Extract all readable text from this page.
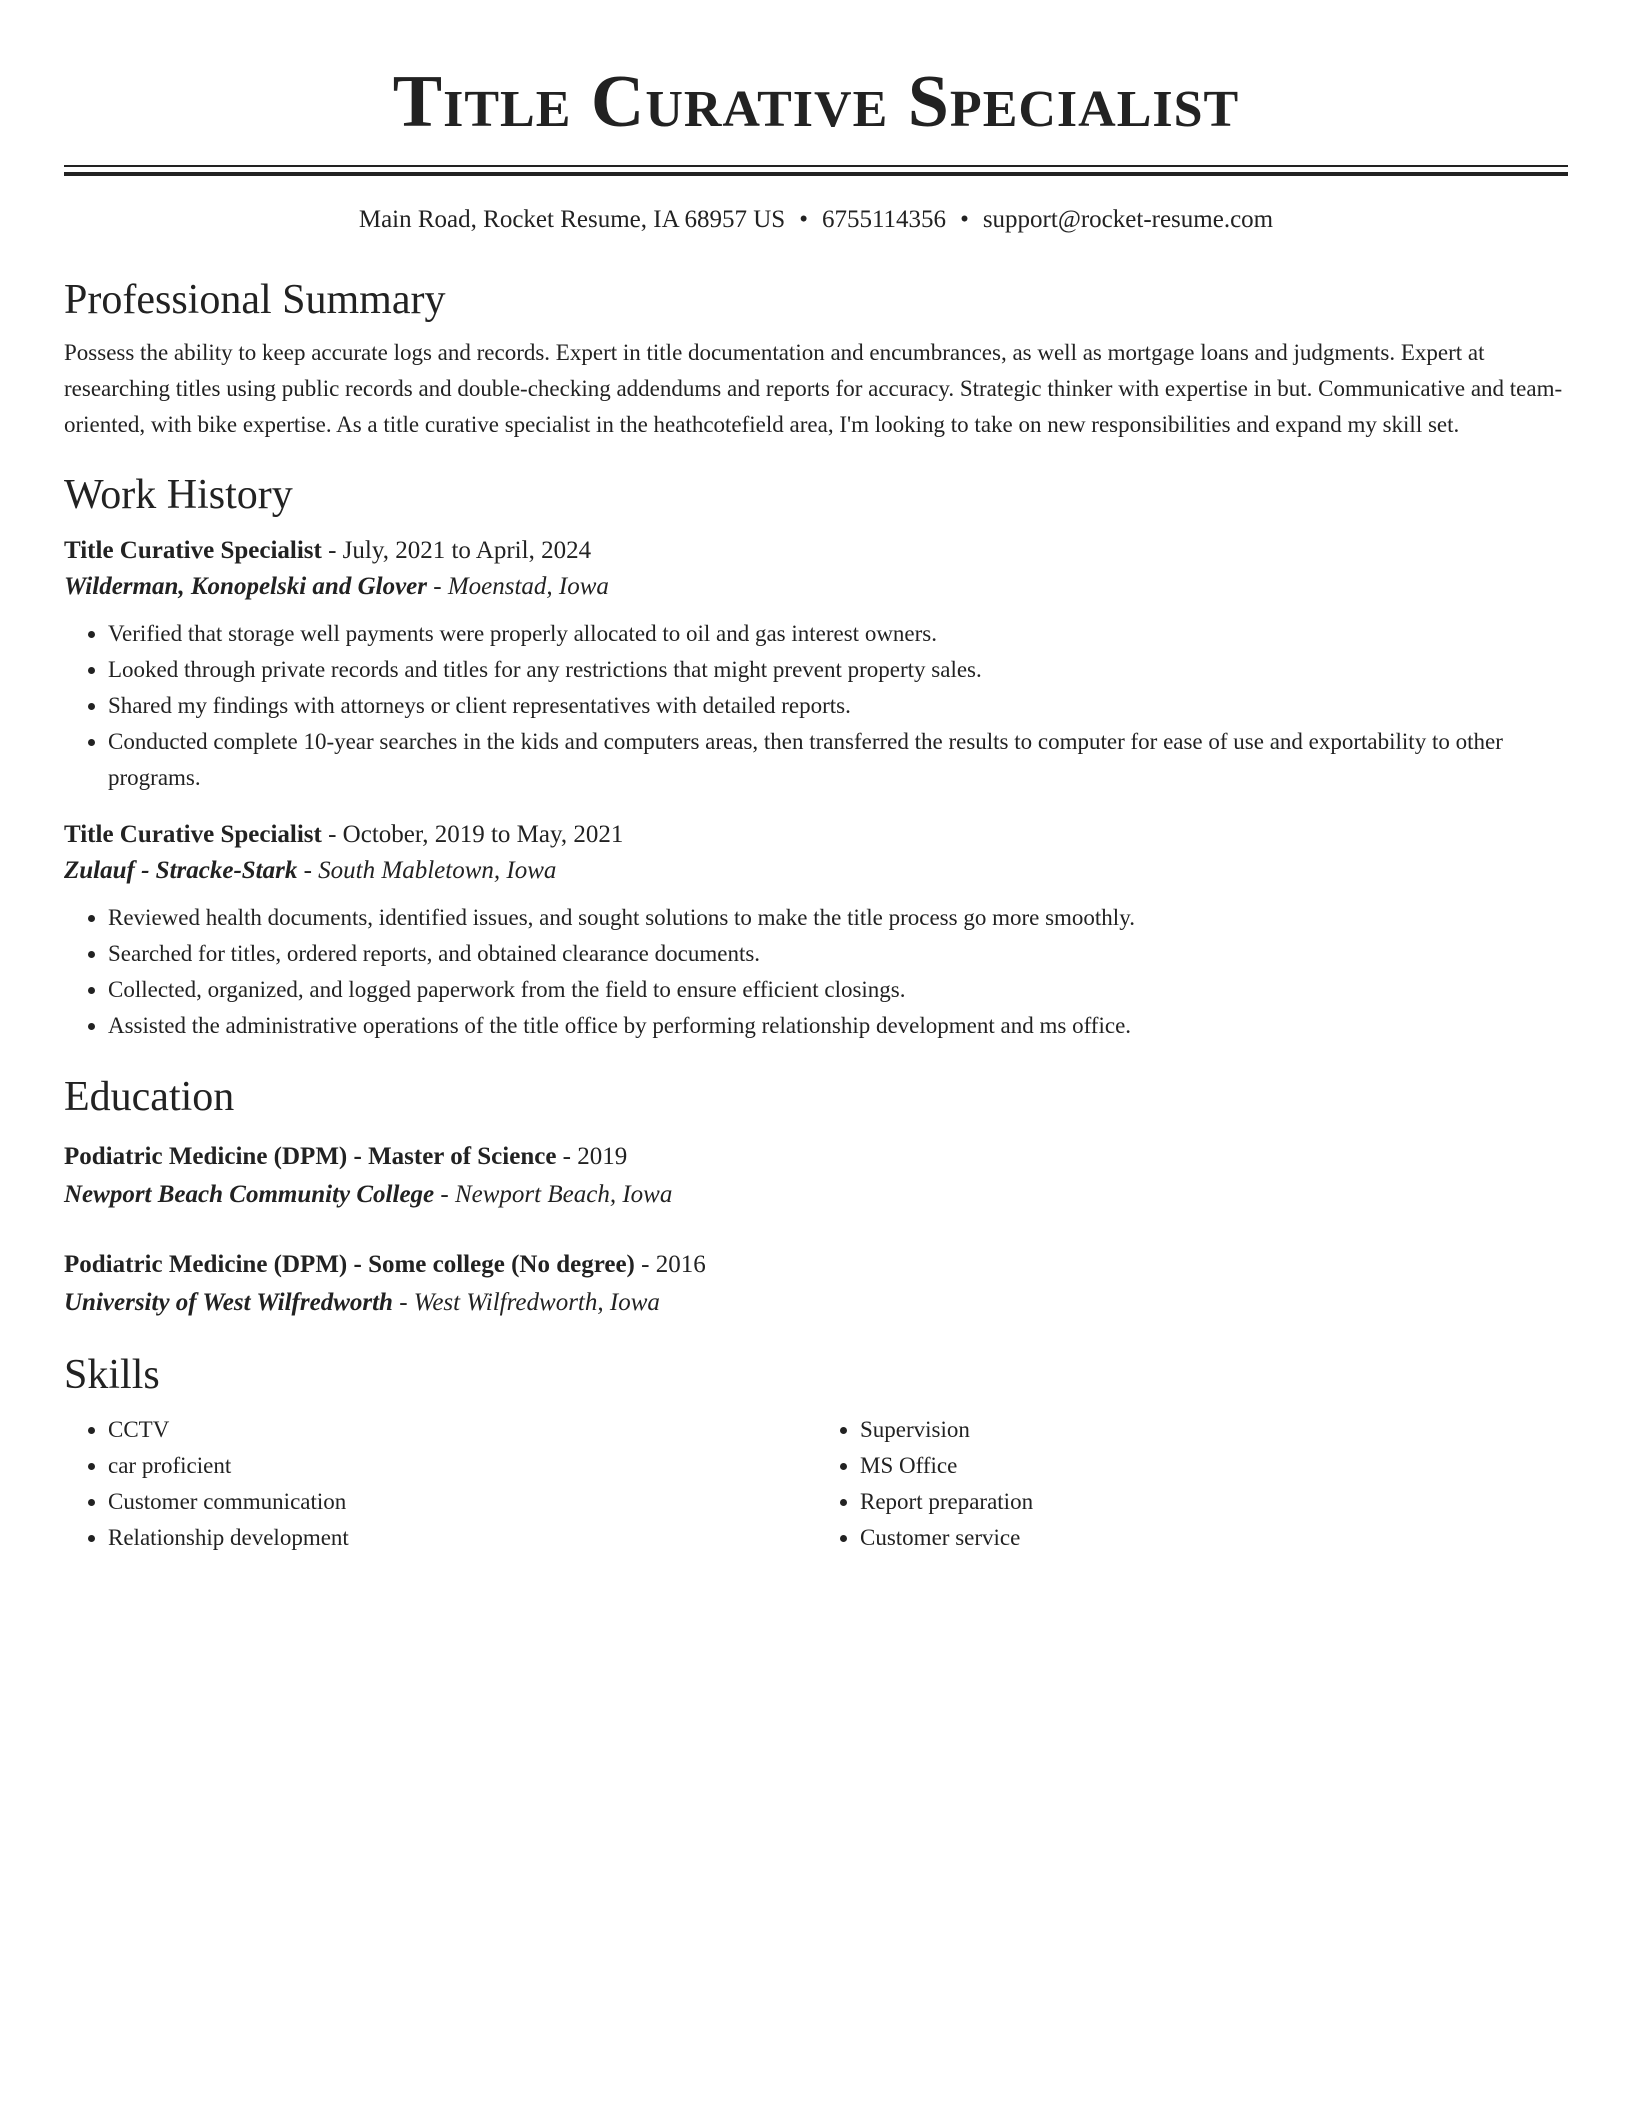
Title Curative Specialist
Main Road, Rocket Resume, IA 68957 US • 6755114356 • support@rocket-resume.com
Professional Summary

Possess the ability to keep accurate logs and records. Expert in title documentation and encumbrances, as well as mortgage loans and judgments. Expert at researching titles using public records and double-checking addendums and reports for accuracy. Strategic thinker with expertise in but. Communicative and team-oriented, with bike expertise. As a title curative specialist in the heathcotefield area, I'm looking to take on new responsibilities and expand my skill set.

Work History
Title Curative Specialist - July, 2021 to April, 2024
Wilderman, Konopelski and Glover - Moenstad, Iowa
• Verified that storage well payments were properly allocated to oil and gas interest owners.
• Looked through private records and titles for any restrictions that might prevent property sales.
• Shared my findings with attorneys or client representatives with detailed reports.
• Conducted complete 10-year searches in the kids and computers areas, then transferred the results to computer for ease of use and exportability to other programs.
Title Curative Specialist - October, 2019 to May, 2021
Zulauf - Stracke-Stark - South Mabletown, Iowa
• Reviewed health documents, identified issues, and sought solutions to make the title process go more smoothly.
• Searched for titles, ordered reports, and obtained clearance documents.
• Collected, organized, and logged paperwork from the field to ensure efficient closings.
• Assisted the administrative operations of the title office by performing relationship development and ms office.
Education
Podiatric Medicine (DPM) - Master of Science - 2019
Newport Beach Community College - Newport Beach, Iowa
Podiatric Medicine (DPM) - Some college (No degree) - 2016
University of West Wilfredworth - West Wilfredworth, Iowa
Skills
• CCTV
• car proficient
• Customer communication
• Relationship development
• Supervision
• MS Office
• Report preparation
• Customer service
